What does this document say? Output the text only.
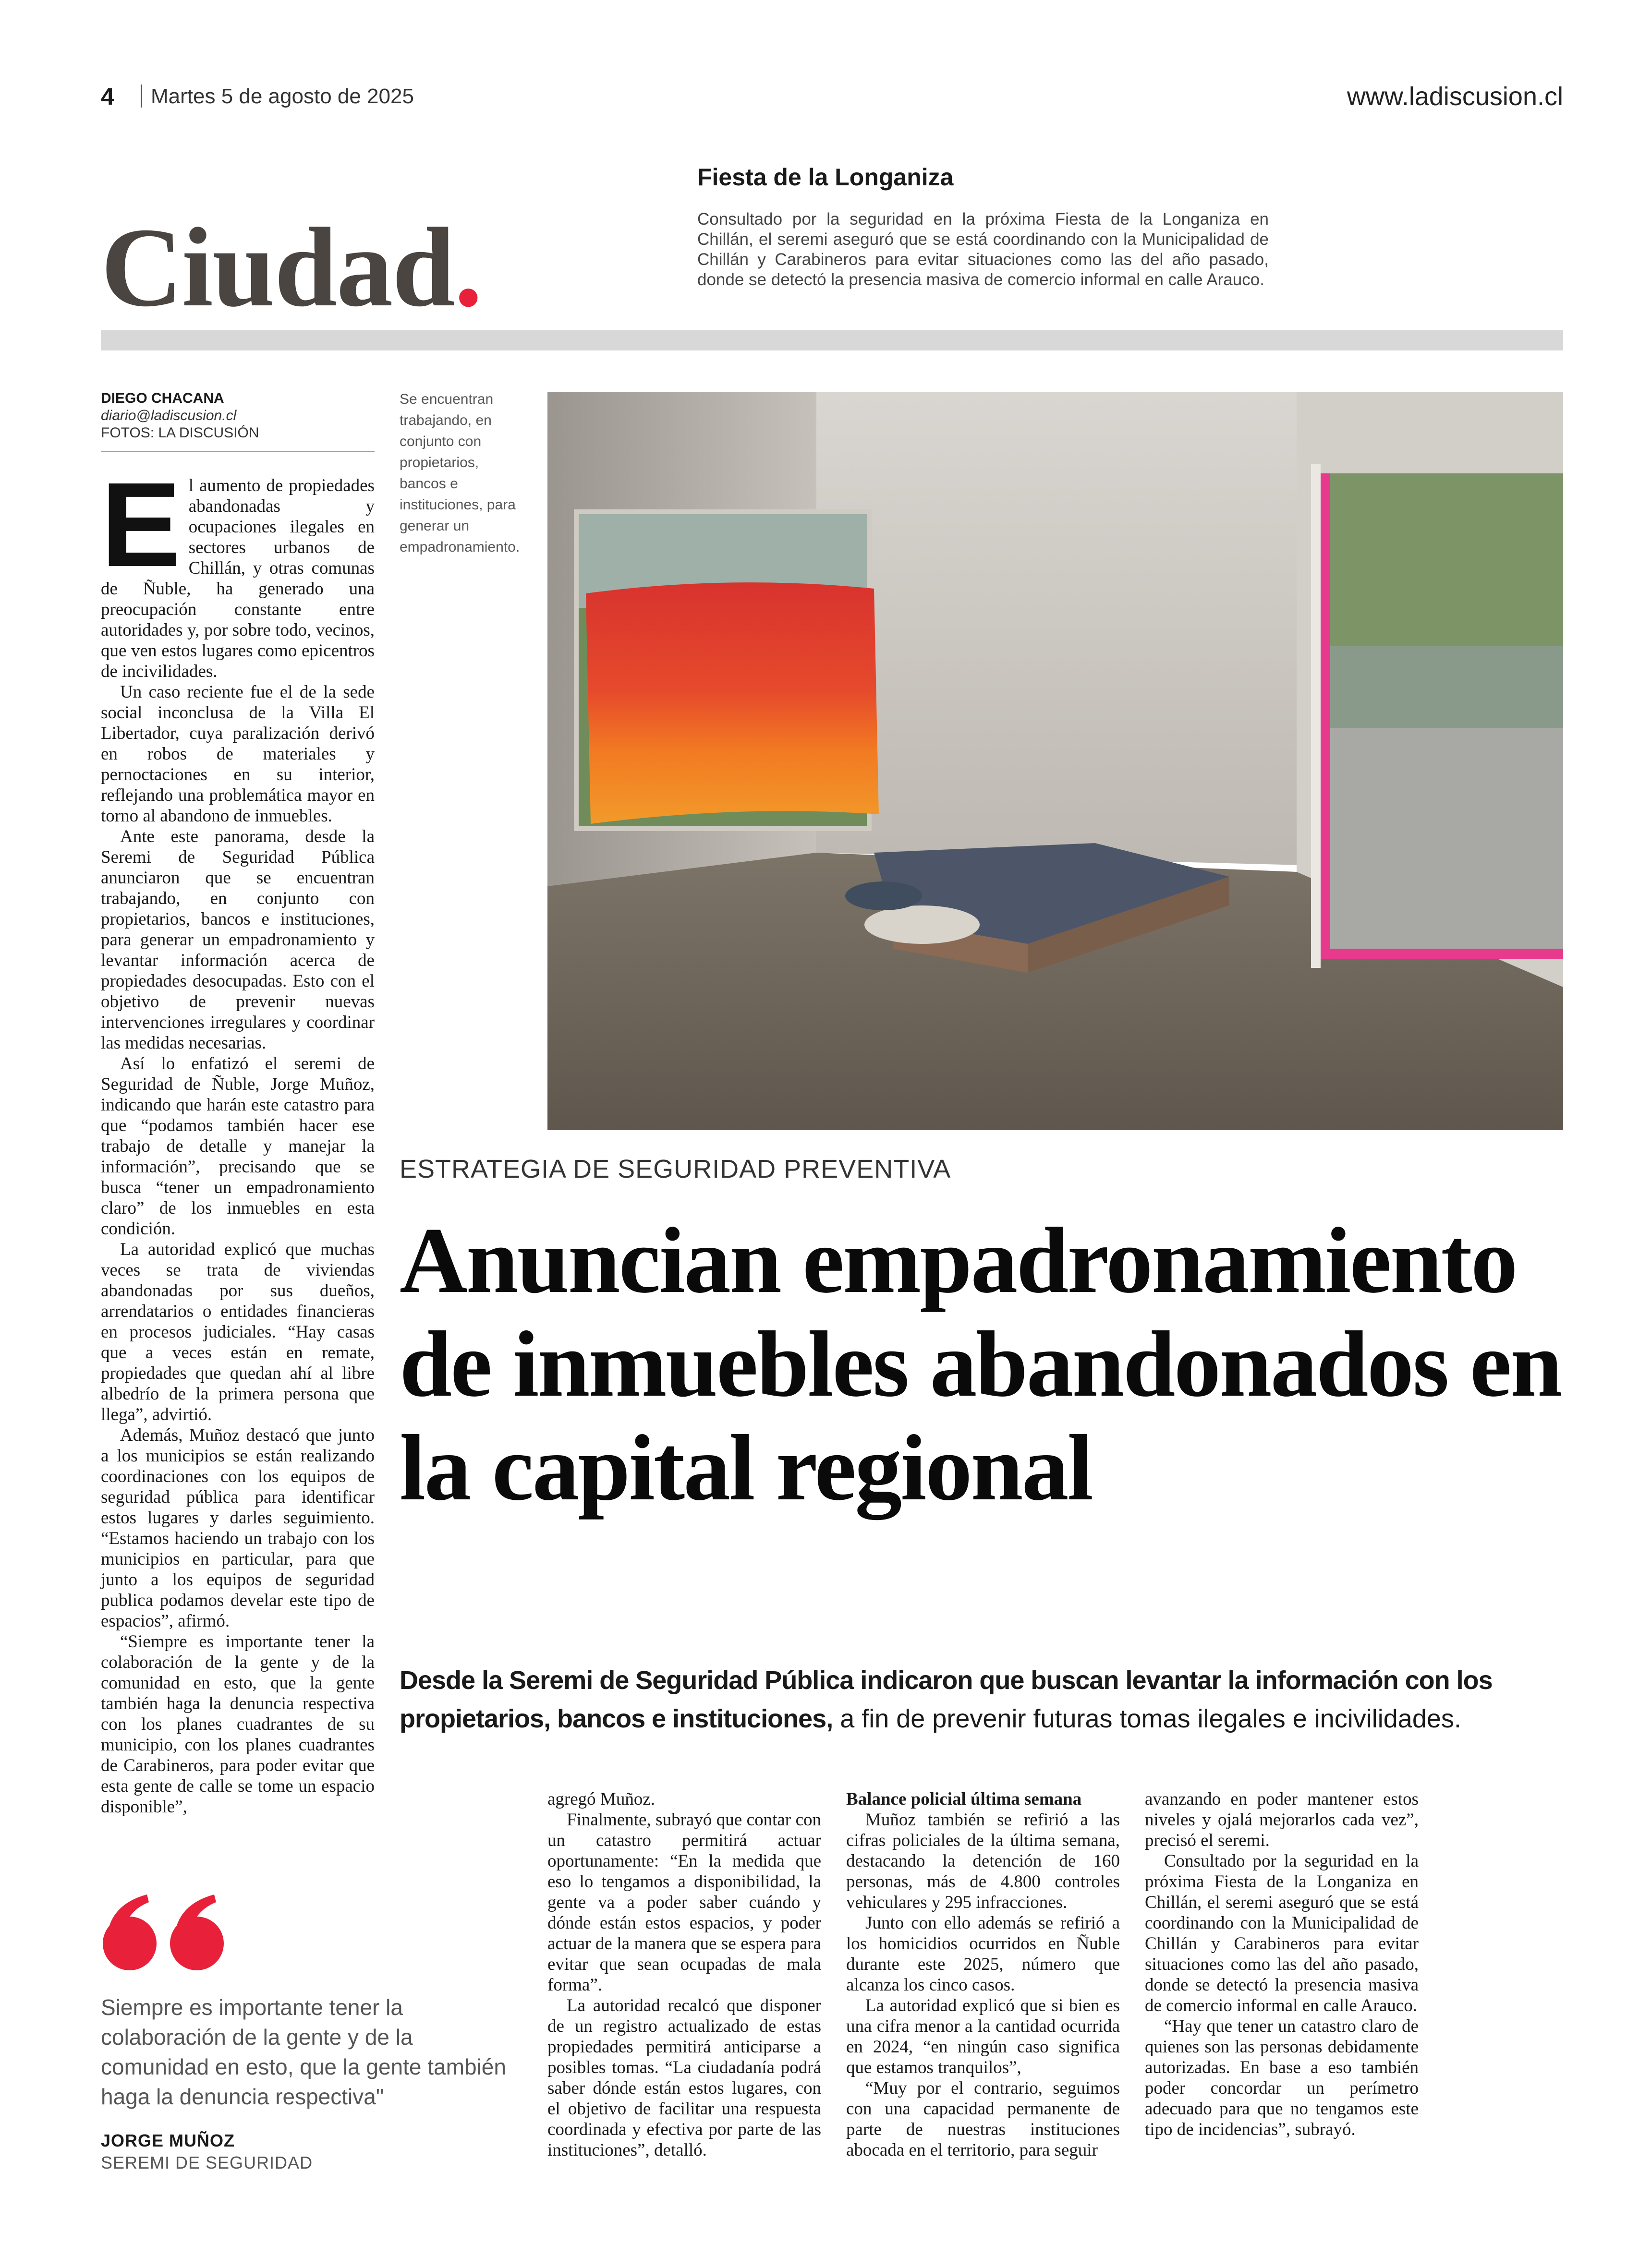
4 Martes 5 de agosto de 2025	www.ladiscusion.cl
Ciudad.
Fiesta de la Longaniza
Consultado por la seguridad en la próxima Fiesta de la Longaniza en Chillán, el seremi aseguró que se está coordinando con la Municipalidad de Chillán y Carabineros para evitar situaciones como las del año pasado, donde se detectó la presencia masiva de comercio informal en calle Arauco.
DIEGO CHACANA
diario@ladiscusion.cl
FOTOS: LA DISCUSIÓN
Se encuentran trabajando, en conjunto con propietarios, bancos e instituciones, para generar un empadronamiento.

El aumento de propiedades abandonadas y ocupaciones ilegales en sectores urbanos de Chillán, y otras comunas de Ñuble, ha generado una preocupación constante entre autoridades y, por sobre todo, vecinos, que ven estos lugares como epicentros de incivilidades.

Un caso reciente fue el de la sede social inconclusa de la Villa El Libertador, cuya paralización derivó en robos de materiales y pernoctaciones en su interior, reflejando una problemática mayor en torno al abandono de inmuebles.

Ante este panorama, desde la Seremi de Seguridad Pública anunciaron que se encuentran trabajando, en conjunto con propietarios, bancos e instituciones, para generar un empadronamiento y levantar información acerca de propiedades desocupadas. Esto con el objetivo de prevenir nuevas intervenciones irregulares y coordinar las medidas necesarias.

Así lo enfatizó el seremi de Seguridad de Ñuble, Jorge Muñoz, indicando que harán este catastro para que “podamos también hacer ese trabajo de detalle y manejar la información”, precisando que se busca “tener un empadronamiento claro” de los inmuebles en esta condición.

La autoridad explicó que muchas veces se trata de viviendas abandonadas por sus dueños, arrendatarios o entidades financieras en procesos judiciales. “Hay casas que a veces están en remate, propiedades que quedan ahí al libre albedrío de la primera persona que llega”, advirtió.

Además, Muñoz destacó que junto a los municipios se están realizando coordinaciones con los equipos de seguridad pública para identificar estos lugares y darles seguimiento. “Estamos haciendo un trabajo con los municipios en particular, para que junto a los equipos de seguridad publica podamos develar este tipo de espacios”, afirmó.

“Siempre es importante tener la colaboración de la gente y de la comunidad en esto, que la gente también haga la denuncia respectiva con los planes cuadrantes de su municipio, con los planes cuadrantes de Carabineros, para poder evitar que esta gente de calle se tome un espacio disponible”,

ESTRATEGIA DE SEGURIDAD PREVENTIVA
Anuncian empadronamiento de inmuebles abandonados en la capital regional
Desde la Seremi de Seguridad Pública indicaron que buscan levantar la información con los propietarios, bancos e instituciones, a fin de prevenir futuras tomas ilegales e incivilidades.

agregó Muñoz.

Finalmente, subrayó que contar con un catastro permitirá actuar oportunamente: “En la medida que eso lo tengamos a disponibilidad, la gente va a poder saber cuándo y dónde están estos espacios, y poder actuar de la manera que se espera para evitar que sean ocupadas de mala forma”.

La autoridad recalcó que disponer de un registro actualizado de estas propiedades permitirá anticiparse a posibles tomas. “La ciudadanía podrá saber dónde están estos lugares, con el objetivo de facilitar una respuesta coordinada y efectiva por parte de las instituciones”, detalló.

Balance policial última semana

Muñoz también se refirió a las cifras policiales de la última semana, destacando la detención de 160 personas, más de 4.800 controles vehiculares y 295 infracciones.

Junto con ello además se refirió a los homicidios ocurridos en Ñuble durante este 2025, número que alcanza los cinco casos.

La autoridad explicó que si bien es una cifra menor a la cantidad ocurrida en 2024, “en ningún caso significa que estamos tranquilos”,

“Muy por el contrario, seguimos con una capacidad permanente de parte de nuestras instituciones abocada en el territorio, para seguir

avanzando en poder mantener estos niveles y ojalá mejorarlos cada vez”, precisó el seremi.

Consultado por la seguridad en la próxima Fiesta de la Longaniza en Chillán, el seremi aseguró que se está coordinando con la Municipalidad de Chillán y Carabineros para evitar situaciones como las del año pasado, donde se detectó la presencia masiva de comercio informal en calle Arauco.

“Hay que tener un catastro claro de quienes son las personas debidamente autorizadas. En base a eso también poder concordar un perímetro adecuado para que no tengamos este tipo de incidencias”, subrayó.

Siempre es importante tener la colaboración de la gente y de la comunidad en esto, que la gente también haga la denuncia respectiva"
JORGE MUÑOZ
SEREMI DE SEGURIDAD
